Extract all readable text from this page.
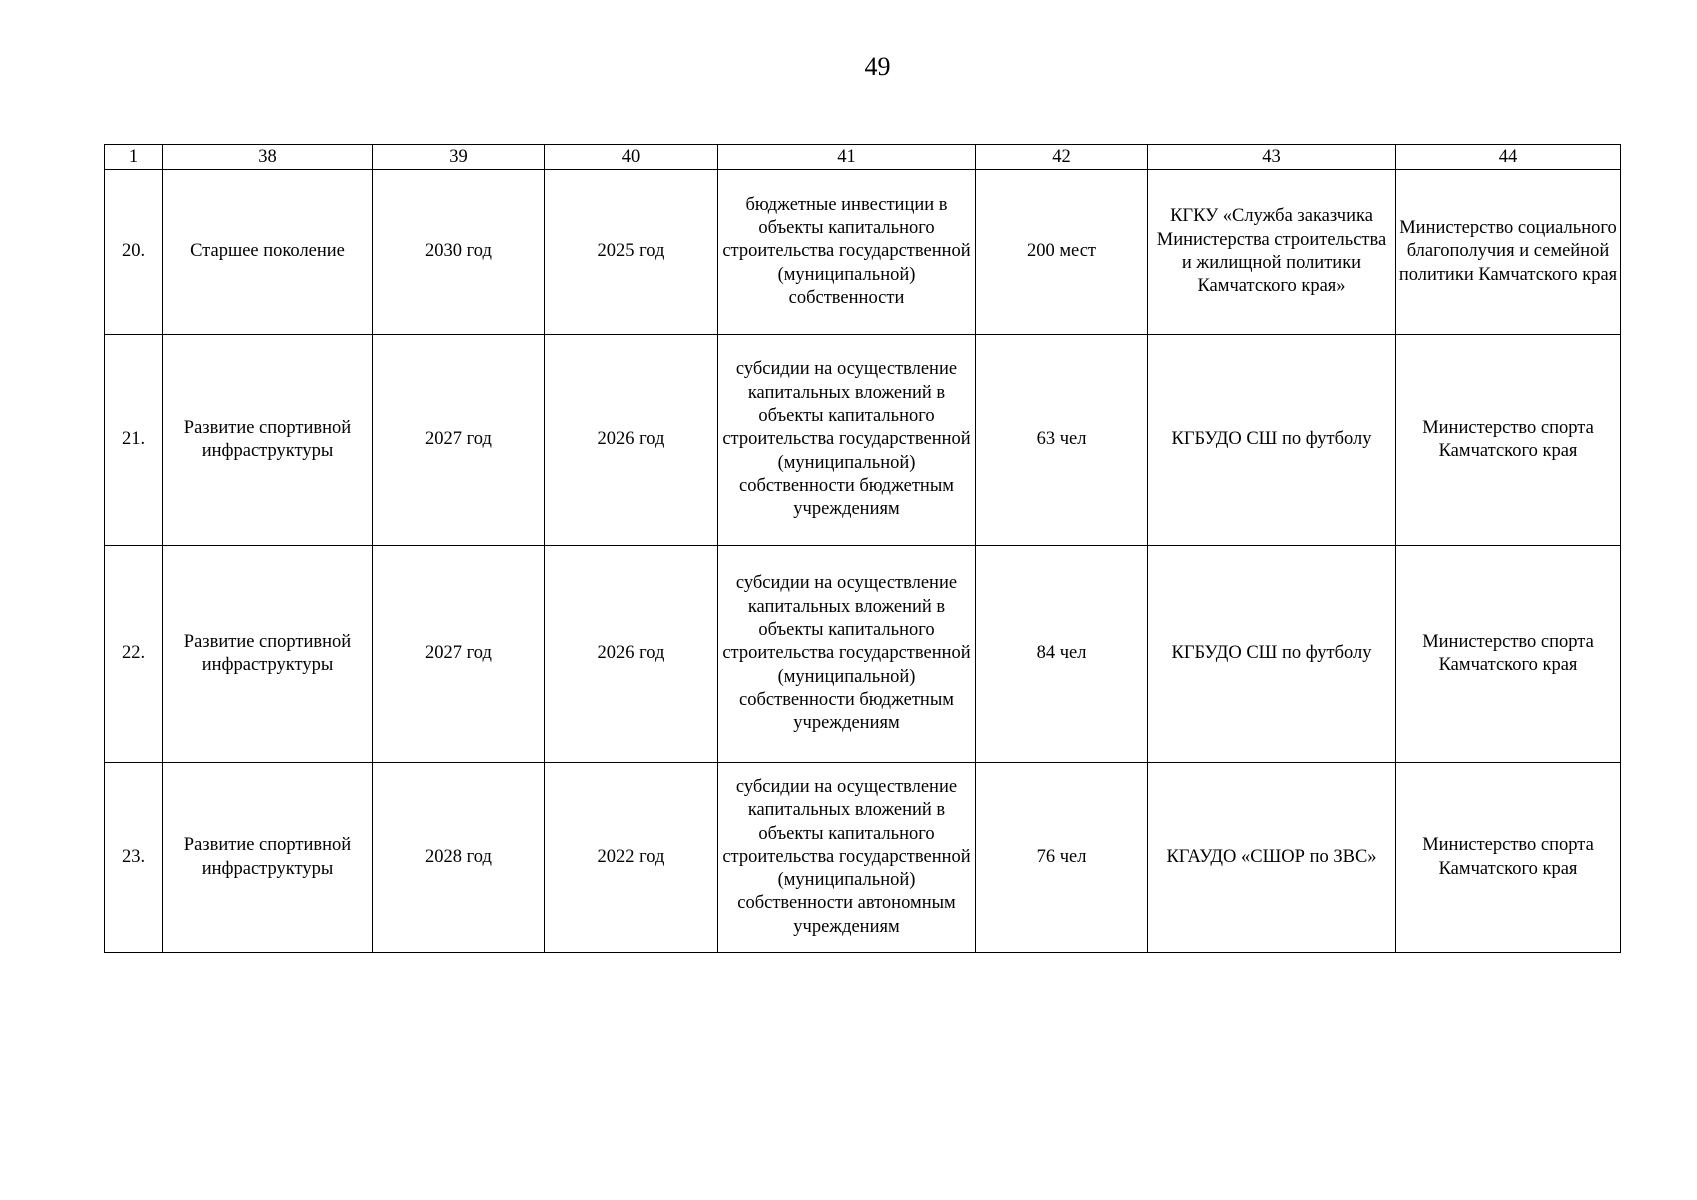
49
1	38	39	40	41	42	43	44
20.	Старшее поколение	2030 год	2025 год	бюджетные инвестиции в объекты капитального строительства государственной (муниципальной) собственности	200 мест	КГКУ «Служба заказчика Министерства строительства и жилищной политики Камчатского края»	Министерство социального благополучия и семейной политики Камчатского края
21.	Развитие спортивной инфраструктуры	2027 год	2026 год	субсидии на осуществление капитальных вложений в объекты капитального строительства государственной (муниципальной) собственности бюджетным учреждениям	63 чел	КГБУДО СШ по футболу	Министерство спорта Камчатского края
22.	Развитие спортивной инфраструктуры	2027 год	2026 год	субсидии на осуществление капитальных вложений в объекты капитального строительства государственной (муниципальной) собственности бюджетным учреждениям	84 чел	КГБУДО СШ по футболу	Министерство спорта Камчатского края
23.	Развитие спортивной инфраструктуры	2028 год	2022 год	субсидии на осуществление капитальных вложений в объекты капитального строительства государственной (муниципальной) собственности автономным учреждениям	76 чел	КГАУДО «СШОР по ЗВС»	Министерство спорта Камчатского края
